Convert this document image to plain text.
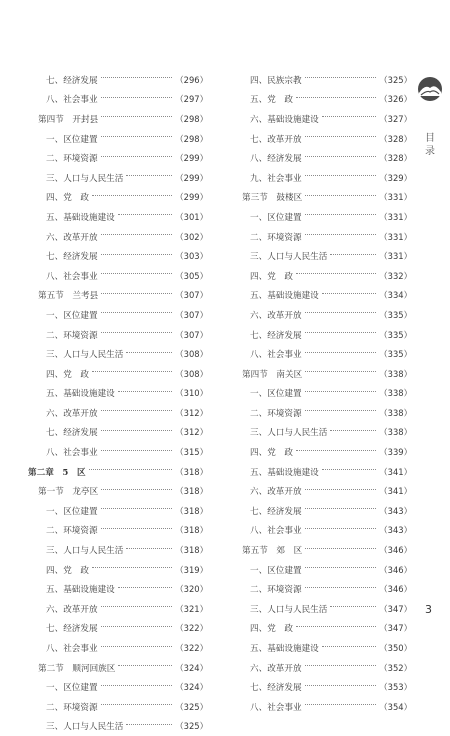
七、经济发展	（296）
八、社会事业	（297）
第四节　开封县	（298）
一、区位建置	（298）
二、环境资源	（299）
三、人口与人民生活	（299）
四、党　政	（299）
五、基础设施建设	（301）
六、改革开放	（302）
七、经济发展	（303）
八、社会事业	（305）
第五节　兰考县	（307）
一、区位建置	（307）
二、环境资源	（307）
三、人口与人民生活	（308）
四、党　政	（308）
五、基础设施建设	（310）
六、改革开放	（312）
七、经济发展	（312）
八、社会事业	（315）
第二章　5　区	（318）
第一节　龙亭区	（318）
一、区位建置	（318）
二、环境资源	（318）
三、人口与人民生活	（318）
四、党　政	（319）
五、基础设施建设	（320）
六、改革开放	（321）
七、经济发展	（322）
八、社会事业	（322）
第二节　顺河回族区	（324）
一、区位建置	（324）
二、环境资源	（325）
三、人口与人民生活	（325）
四、民族宗教	（325）
五、党　政	（326）
六、基础设施建设	（327）
七、改革开放	（328）
八、经济发展	（328）
九、社会事业	（329）
第三节　鼓楼区	（331）
一、区位建置	（331）
二、环境资源	（331）
三、人口与人民生活	（331）
四、党　政	（332）
五、基础设施建设	（334）
六、改革开放	（335）
七、经济发展	（335）
八、社会事业	（335）
第四节　南关区	（338）
一、区位建置	（338）
二、环境资源	（338）
三、人口与人民生活	（338）
四、党　政	（339）
五、基础设施建设	（341）
六、改革开放	（341）
七、经济发展	（343）
八、社会事业	（343）
第五节　郊　区	（346）
一、区位建置	（346）
二、环境资源	（346）
三、人口与人民生活	（347）
四、党　政	（347）
五、基础设施建设	（350）
六、改革开放	（352）
七、经济发展	（353）
八、社会事业	（354）
目录
3
